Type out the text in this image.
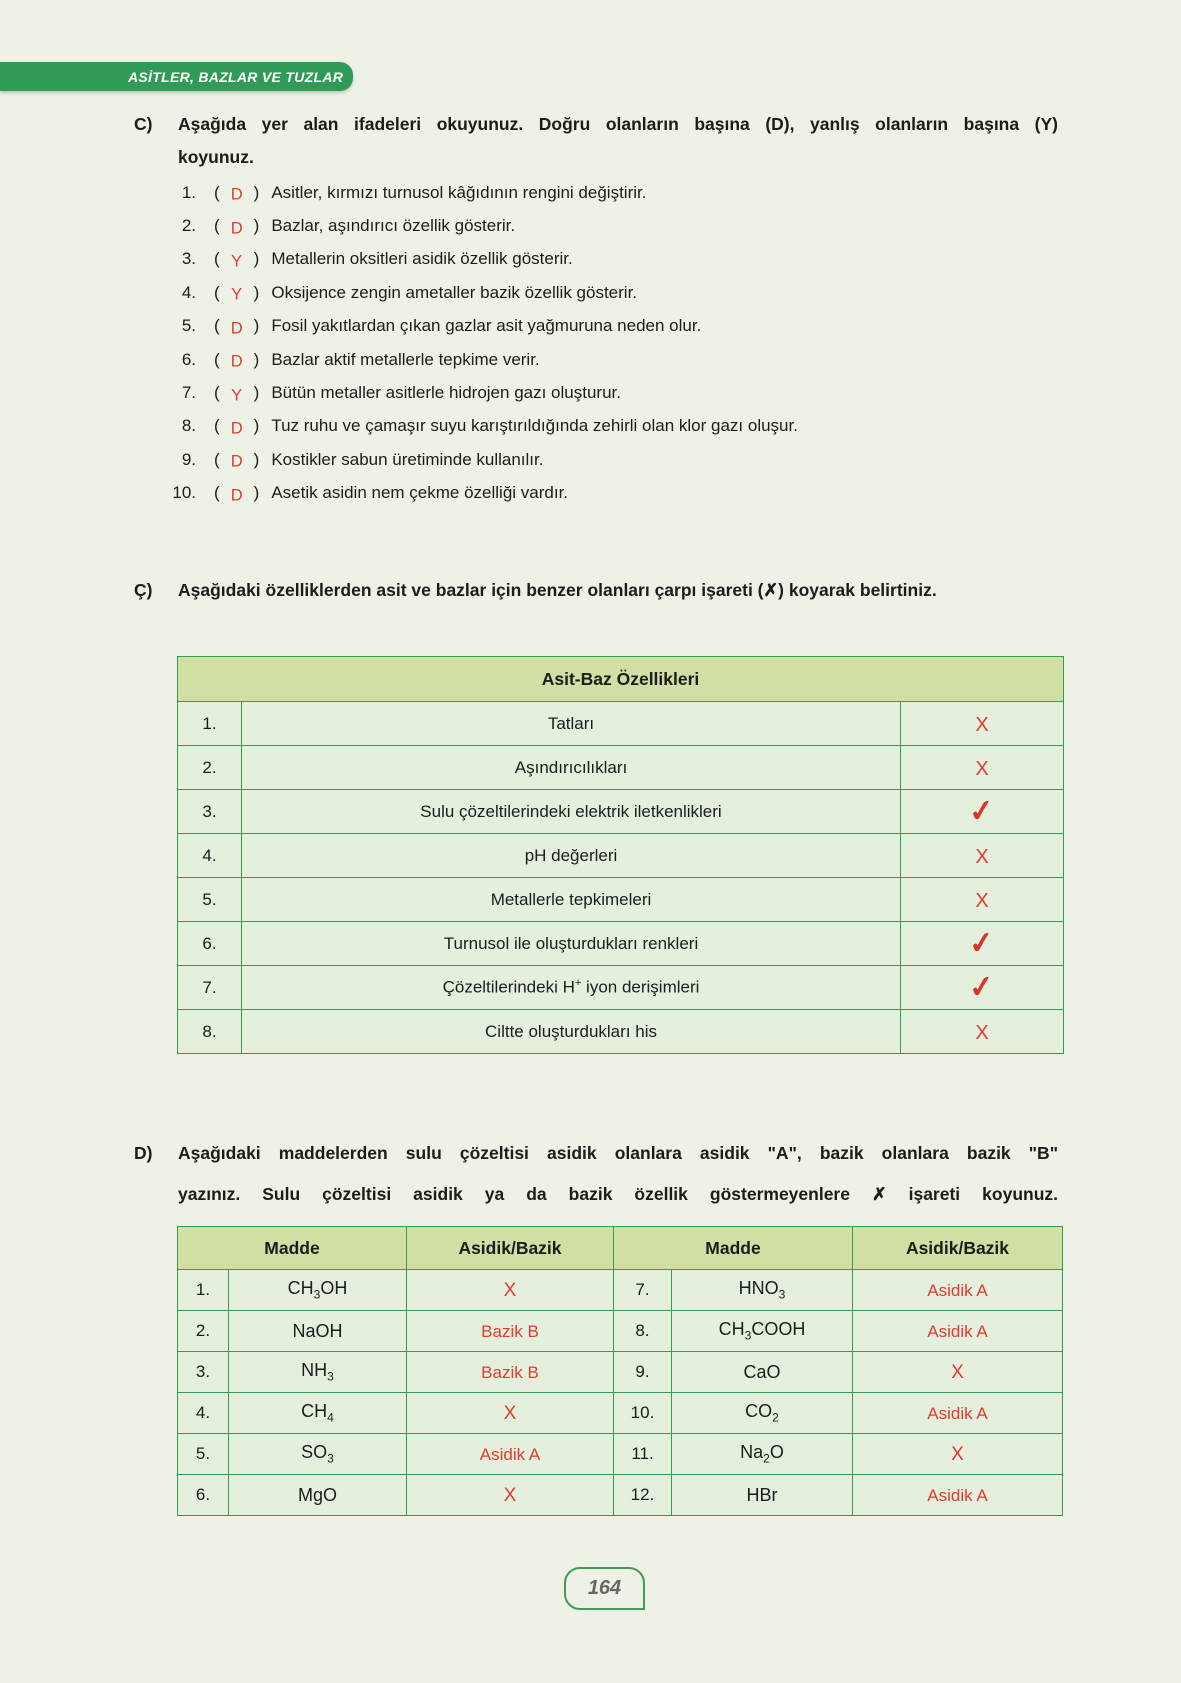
ASİTLER, BAZLAR VE TUZLAR
C)	Aşağıda yer alan ifadeleri okuyunuz. Doğru olanların başına (D), yanlış olanların başına (Y)
koyunuz.
1. ( D ) Asitler, kırmızı turnusol kâğıdının rengini değiştirir.
2. ( D ) Bazlar, aşındırıcı özellik gösterir.
3. ( Y ) Metallerin oksitleri asidik özellik gösterir.
4. ( Y ) Oksijence zengin ametaller bazik özellik gösterir.
5. ( D ) Fosil yakıtlardan çıkan gazlar asit yağmuruna neden olur.
6. ( D ) Bazlar aktif metallerle tepkime verir.
7. ( Y ) Bütün metaller asitlerle hidrojen gazı oluşturur.
8. ( D ) Tuz ruhu ve çamaşır suyu karıştırıldığında zehirli olan klor gazı oluşur.
9. ( D ) Kostikler sabun üretiminde kullanılır.
10. ( D ) Asetik asidin nem çekme özelliği vardır.
Ç)	Aşağıdaki özelliklerden asit ve bazlar için benzer olanları çarpı işareti (✗) koyarak belirtiniz.
Asit-Baz Özellikleri		
1.	Tatları	X
2.	Aşındırıcılıkları	X
3.	Sulu çözeltilerindeki elektrik iletkenlikleri	✓
4.	pH değerleri	X
5.	Metallerle tepkimeleri	X
6.	Turnusol ile oluşturdukları renkleri	✓
7.	Çözeltilerindeki H+ iyon derişimleri	✓
8.	Ciltte oluşturdukları his	X
D)	Aşağıdaki maddelerden sulu çözeltisi asidik olanlara asidik "A", bazik olanlara bazik "B"
yazınız. Sulu çözeltisi asidik ya da bazik özellik göstermeyenlere ✗ işareti koyunuz.
Madde		Asidik/Bazik	Madde		Asidik/Bazik
1.	$CH_3OH$	X	7.	$HNO_3$	Asidik A
2.	NaOH	Bazik B	8.	$CH_3COOH$	Asidik A
3.	$NH_3$	Bazik B	9.	CaO	X
4.	$CH_4$	X	10.	$CO_2$	Asidik A
5.	$SO_3$	Asidik A	11.	$Na_2O$	X
6.	MgO	X	12.	HBr	Asidik A
164
